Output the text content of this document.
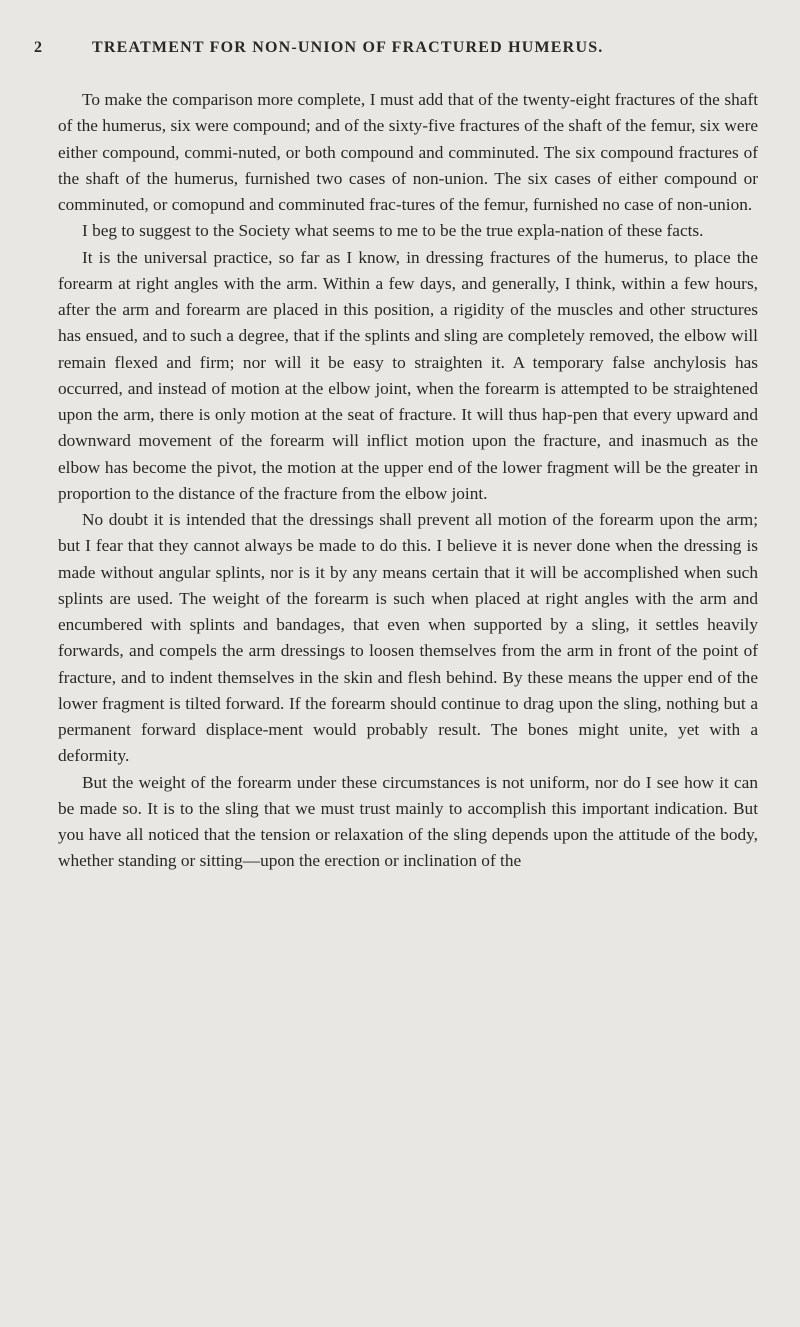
2	TREATMENT FOR NON-UNION OF FRACTURED HUMERUS.

To make the comparison more complete, I must add that of the twenty-eight fractures of the shaft of the humerus, six were compound; and of the sixty-five fractures of the shaft of the femur, six were either compound, commi-nuted, or both compound and comminuted. The six compound fractures of the shaft of the humerus, furnished two cases of non-union. The six cases of either compound or comminuted, or comopund and comminuted frac-tures of the femur, furnished no case of non-union.

I beg to suggest to the Society what seems to me to be the true expla-nation of these facts.

It is the universal practice, so far as I know, in dressing fractures of the humerus, to place the forearm at right angles with the arm. Within a few days, and generally, I think, within a few hours, after the arm and forearm are placed in this position, a rigidity of the muscles and other structures has ensued, and to such a degree, that if the splints and sling are completely removed, the elbow will remain flexed and firm; nor will it be easy to straighten it. A temporary false anchylosis has occurred, and instead of motion at the elbow joint, when the forearm is attempted to be straightened upon the arm, there is only motion at the seat of fracture. It will thus hap-pen that every upward and downward movement of the forearm will inflict motion upon the fracture, and inasmuch as the elbow has become the pivot, the motion at the upper end of the lower fragment will be the greater in proportion to the distance of the fracture from the elbow joint.

No doubt it is intended that the dressings shall prevent all motion of the forearm upon the arm; but I fear that they cannot always be made to do this. I believe it is never done when the dressing is made without angular splints, nor is it by any means certain that it will be accomplished when such splints are used. The weight of the forearm is such when placed at right angles with the arm and encumbered with splints and bandages, that even when supported by a sling, it settles heavily forwards, and compels the arm dressings to loosen themselves from the arm in front of the point of fracture, and to indent themselves in the skin and flesh behind. By these means the upper end of the lower fragment is tilted forward. If the forearm should continue to drag upon the sling, nothing but a permanent forward displace-ment would probably result. The bones might unite, yet with a deformity.

But the weight of the forearm under these circumstances is not uniform, nor do I see how it can be made so. It is to the sling that we must trust mainly to accomplish this important indication. But you have all noticed that the tension or relaxation of the sling depends upon the attitude of the body, whether standing or sitting—upon the erection or inclination of the
